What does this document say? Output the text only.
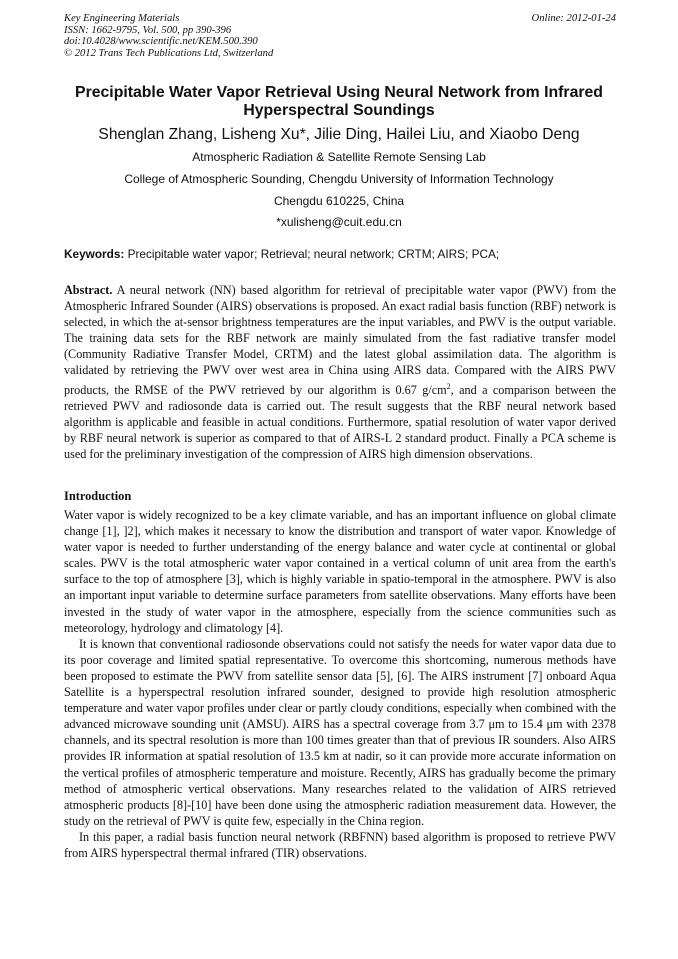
Key Engineering Materials
ISSN: 1662-9795, Vol. 500, pp 390-396
doi:10.4028/www.scientific.net/KEM.500.390
© 2012 Trans Tech Publications Ltd, Switzerland
Online: 2012-01-24
Precipitable Water Vapor Retrieval Using Neural Network from Infrared
Hyperspectral Soundings
Shenglan Zhang, Lisheng Xu*, Jilie Ding, Hailei Liu, and Xiaobo Deng
Atmospheric Radiation & Satellite Remote Sensing Lab
College of Atmospheric Sounding, Chengdu University of Information Technology
Chengdu 610225, China
*xulisheng@cuit.edu.cn
Keywords: Precipitable water vapor; Retrieval; neural network; CRTM; AIRS; PCA;

Abstract. A neural network (NN) based algorithm for retrieval of precipitable water vapor (PWV) from the Atmospheric Infrared Sounder (AIRS) observations is proposed. An exact radial basis function (RBF) network is selected, in which the at-sensor brightness temperatures are the input variables, and PWV is the output variable. The training data sets for the RBF network are mainly simulated from the fast radiative transfer model (Community Radiative Transfer Model, CRTM) and the latest global assimilation data. The algorithm is validated by retrieving the PWV over west area in China using AIRS data. Compared with the AIRS PWV products, the RMSE of the PWV retrieved by our algorithm is 0.67 $g/cm^2$, and a comparison between the retrieved PWV and radiosonde data is carried out. The result suggests that the RBF neural network based algorithm is applicable and feasible in actual conditions. Furthermore, spatial resolution of water vapor derived by RBF neural network is superior as compared to that of AIRS-L 2 standard product. Finally a PCA scheme is used for the preliminary investigation of the compression of AIRS high dimension observations.

Introduction

Water vapor is widely recognized to be a key climate variable, and has an important influence on global climate change [1], ]2], which makes it necessary to know the distribution and transport of water vapor. Knowledge of water vapor is needed to further understanding of the energy balance and water cycle at continental or global scales. PWV is the total atmospheric water vapor contained in a vertical column of unit area from the earth's surface to the top of atmosphere [3], which is highly variable in spatio-temporal in the atmosphere. PWV is also an important input variable to determine surface parameters from satellite observations. Many efforts have been invested in the study of water vapor in the atmosphere, especially from the science communities such as meteorology, hydrology and climatology [4].

It is known that conventional radiosonde observations could not satisfy the needs for water vapor data due to its poor coverage and limited spatial representative. To overcome this shortcoming, numerous methods have been proposed to estimate the PWV from satellite sensor data [5], [6]. The AIRS instrument [7] onboard Aqua Satellite is a hyperspectral resolution infrared sounder, designed to provide high resolution atmospheric temperature and water vapor profiles under clear or partly cloudy conditions, especially when combined with the advanced microwave sounding unit (AMSU). AIRS has a spectral coverage from 3.7 μm to 15.4 μm with 2378 channels, and its spectral resolution is more than 100 times greater than that of previous IR sounders. Also AIRS provides IR information at spatial resolution of 13.5 km at nadir, so it can provide more accurate information on the vertical profiles of atmospheric temperature and moisture. Recently, AIRS has gradually become the primary method of atmospheric vertical observations. Many researches related to the validation of AIRS retrieved atmospheric products [8]-[10] have been done using the atmospheric radiation measurement data. However, the study on the retrieval of PWV is quite few, especially in the China region.

In this paper, a radial basis function neural network (RBFNN) based algorithm is proposed to retrieve PWV from AIRS hyperspectral thermal infrared (TIR) observations.
